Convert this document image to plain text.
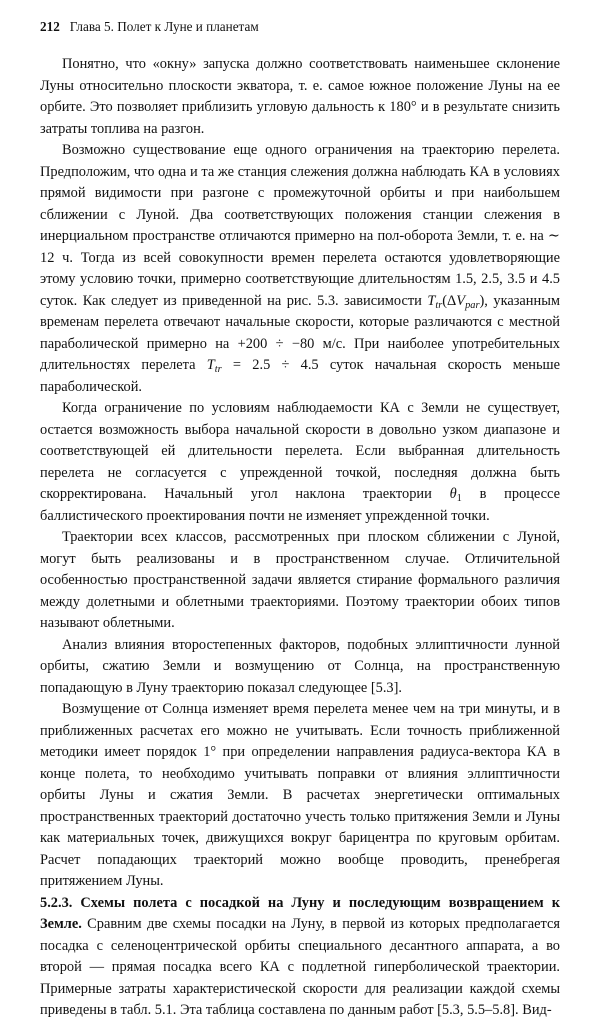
212 Глава 5. Полет к Луне и планетам

Понятно, что «окну» запуска должно соответствовать наименьшее склонение Луны относительно плоскости экватора, т. е. самое южное положение Луны на ее орбите. Это позволяет приблизить угловую дальность к 180° и в результате снизить затраты топлива на разгон.

Возможно существование еще одного ограничения на траекторию перелета. Предположим, что одна и та же станция слежения должна наблюдать КА в условиях прямой видимости при разгоне с промежуточной орбиты и при наибольшем сближении с Луной. Два соответствующих положения станции слежения в инерциальном пространстве отличаются примерно на пол-оборота Земли, т. е. на ∼ 12 ч. Тогда из всей совокупности времен перелета остаются удовлетворяющие этому условию точки, примерно соответствующие длительностям 1.5, 2.5, 3.5 и 4.5 суток. Как следует из приведенной на рис. 5.3. зависимости $T_{tr}(\Delta V_{par})$, указанным временам перелета отвечают начальные скорости, которые различаются с местной параболической примерно на +200 ÷ −80 м/с. При наиболее употребительных длительностях перелета $T_{tr} = 2.5 \div 4.5$ суток начальная скорость меньше параболической.

Когда ограничение по условиям наблюдаемости КА с Земли не существует, остается возможность выбора начальной скорости в довольно узком диапазоне и соответствующей ей длительности перелета. Если выбранная длительность перелета не согласуется с упрежденной точкой, последняя должна быть скорректирована. Начальный угол наклона траектории $\theta_1$ в процессе баллистического проектирования почти не изменяет упрежденной точки.

Траектории всех классов, рассмотренных при плоском сближении с Луной, могут быть реализованы и в пространственном случае. Отличительной особенностью пространственной задачи является стирание формального различия между долетными и облетными траекториями. Поэтому траектории обоих типов называют облетными.

Анализ влияния второстепенных факторов, подобных эллиптичности лунной орбиты, сжатию Земли и возмущению от Солнца, на пространственную попадающую в Луну траекторию показал следующее [5.3].

Возмущение от Солнца изменяет время перелета менее чем на три минуты, и в приближенных расчетах его можно не учитывать. Если точность приближенной методики имеет порядок 1° при определении направления радиуса-вектора КА в конце полета, то необходимо учитывать поправки от влияния эллиптичности орбиты Луны и сжатия Земли. В расчетах энергетически оптимальных пространственных траекторий достаточно учесть только притяжения Земли и Луны как материальных точек, движущихся вокруг барицентра по круговым орбитам. Расчет попадающих траекторий можно вообще проводить, пренебрегая притяжением Луны.

5.2.3. Схемы полета с посадкой на Луну и последующим возвращением к Земле. Сравним две схемы посадки на Луну, в первой из которых предполагается посадка с селеноцентрической орбиты специального десантного аппарата, а во второй — прямая посадка всего КА с подлетной гиперболической траектории. Примерные затраты характеристической скорости для реализации каждой схемы приведены в табл. 5.1. Эта таблица составлена по данным работ [5.3, 5.5–5.8]. Вид-
